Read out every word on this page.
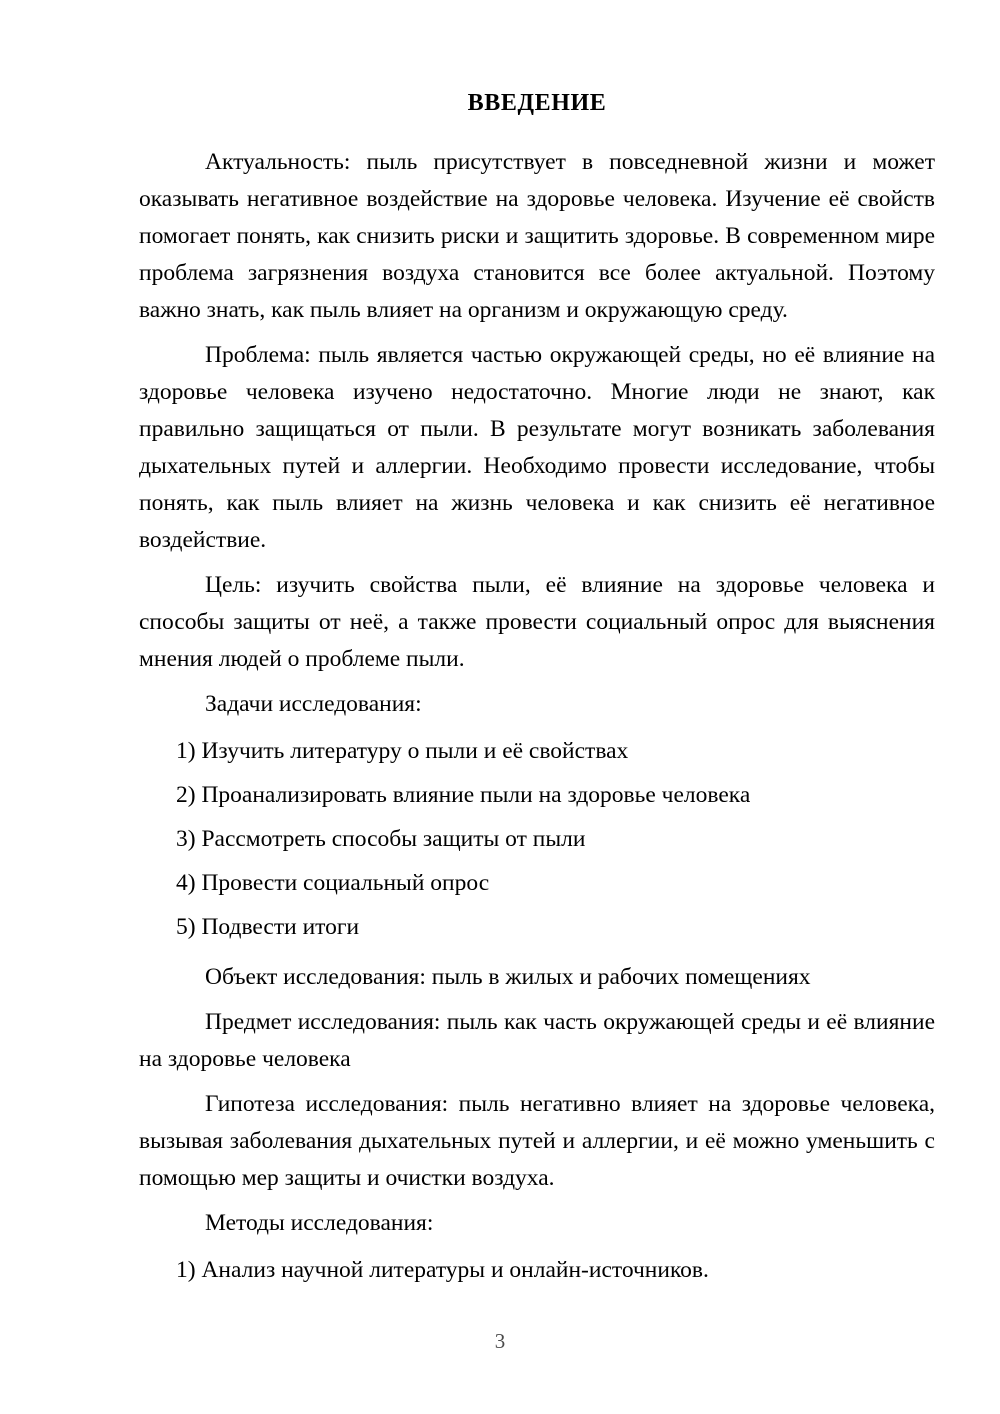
ВВЕДЕНИЕ

Актуальность: пыль присутствует в повседневной жизни и может оказывать негативное воздействие на здоровье человека. Изучение её свойств помогает понять, как снизить риски и защитить здоровье. В современном мире проблема загрязнения воздуха становится все более актуальной. Поэтому важно знать, как пыль влияет на организм и окружающую среду.

Проблема: пыль является частью окружающей среды, но её влияние на здоровье человека изучено недостаточно. Многие люди не знают, как правильно защищаться от пыли. В результате могут возникать заболевания дыхательных путей и аллергии. Необходимо провести исследование, чтобы понять, как пыль влияет на жизнь человека и как снизить её негативное воздействие.

Цель: изучить свойства пыли, её влияние на здоровье человека и способы защиты от неё, а также провести социальный опрос для выяснения мнения людей о проблеме пыли.

Задачи исследования:

1) Изучить литературу о пыли и её свойствах
2) Проанализировать влияние пыли на здоровье человека
3) Рассмотреть способы защиты от пыли
4) Провести социальный опрос
5) Подвести итоги

Объект исследования: пыль в жилых и рабочих помещениях

Предмет исследования: пыль как часть окружающей среды и её влияние на здоровье человека

Гипотеза исследования: пыль негативно влияет на здоровье человека, вызывая заболевания дыхательных путей и аллергии, и её можно уменьшить с помощью мер защиты и очистки воздуха.

Методы исследования:

1) Анализ научной литературы и онлайн-источников.
3
